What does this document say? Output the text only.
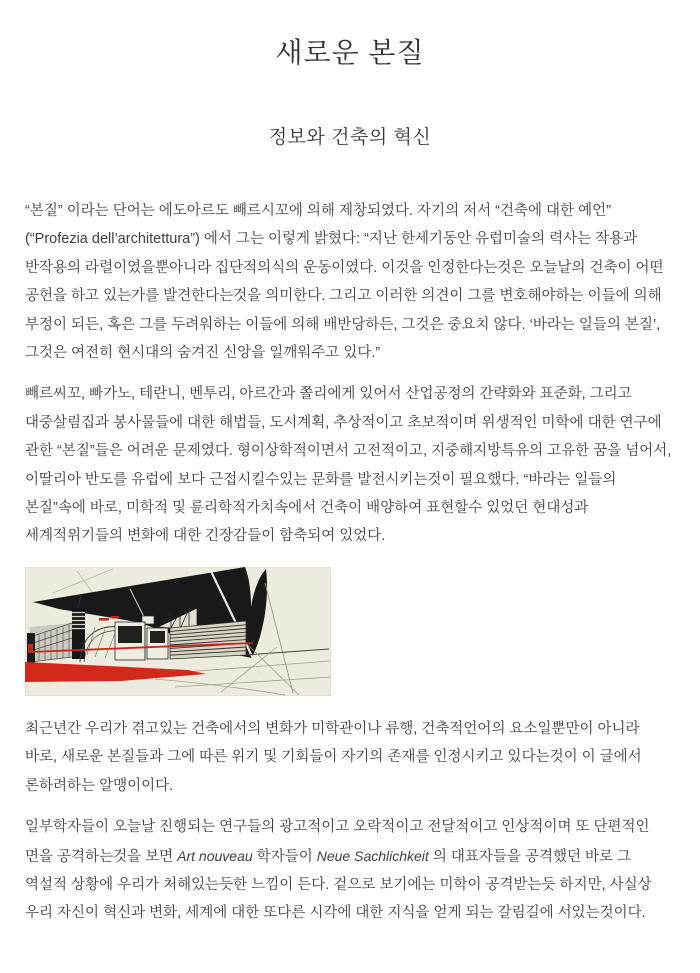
새로운 본질
정보와 건축의 혁신

“본질” 이라는 단어는 에도아르도 빼르시꼬에 의해 제창되였다. 자기의 저서 “건축에 대한 예언” (“Profezia dell’architettura”) 에서 그는 이렇게 밝혔다: “지난 한세기동안 유럽미술의 력사는 작용과 반작용의 라렬이였을뿐아니라 집단적의식의 운동이였다. 이것을 인정한다는것은 오늘날의 건축이 어떤 공헌을 하고 있는가를 발견한다는것을 의미한다. 그리고 이러한 의견이 그를 변호해야하는 이들에 의해 부정이 되든, 혹은 그를 두려워하는 이들에 의해 배반당하든, 그것은 중요치 않다. ‘바라는 일들의 본질’,그것은 여전히 현시대의 숨겨진 신앙을 일깨워주고 있다.”

빼르씨꼬, 빠가노, 테란니, 벤투리, 아르간과 쫄리에게 있어서 산업공정의 간략화와 표준화, 그리고 대중살림집과 봉사물들에 대한 해법들, 도시계획, 추상적이고 초보적이며 위생적인 미학에 대한 연구에 관한 “본질”들은 어려운 문제였다. 형이상학적이면서 고전적이고, 지중해지방특유의 고유한 꿈을 넘어서, 이딸리아 반도를 유럽에 보다 근접시킬수있는 문화를 발전시키는것이 필요했다. “바라는 일들의 본질”속에 바로, 미학적 및 륜리학적가치속에서 건축이 배양하여 표현할수 있었던 현대성과 세계적위기들의 변화에 대한 긴장감들이 함축되여 있었다.

최근년간 우리가 겪고있는 건축에서의 변화가 미학관이나 류행, 건축적언어의 요소일뿐만이 아니라 바로, 새로운 본질들과 그에 따른 위기 및 기회들이 자기의 존재를 인정시키고 있다는것이 이 글에서 론하려하는 알맹이이다.

일부학자들이 오늘날 진행되는 연구들의 광고적이고 오락적이고 전달적이고 인상적이며 또 단편적인 면을 공격하는것을 보면 Art nouveau 학자들이 Neue Sachlichkeit 의 대표자들을 공격했던 바로 그 역설적 상황에 우리가 처해있는듯한 느낌이 든다. 겉으로 보기에는 미학이 공격받는듯 하지만, 사실상 우리 자신이 혁신과 변화, 세계에 대한 또다른 시각에 대한 지식을 얻게 되는 갈림길에 서있는것이다.
